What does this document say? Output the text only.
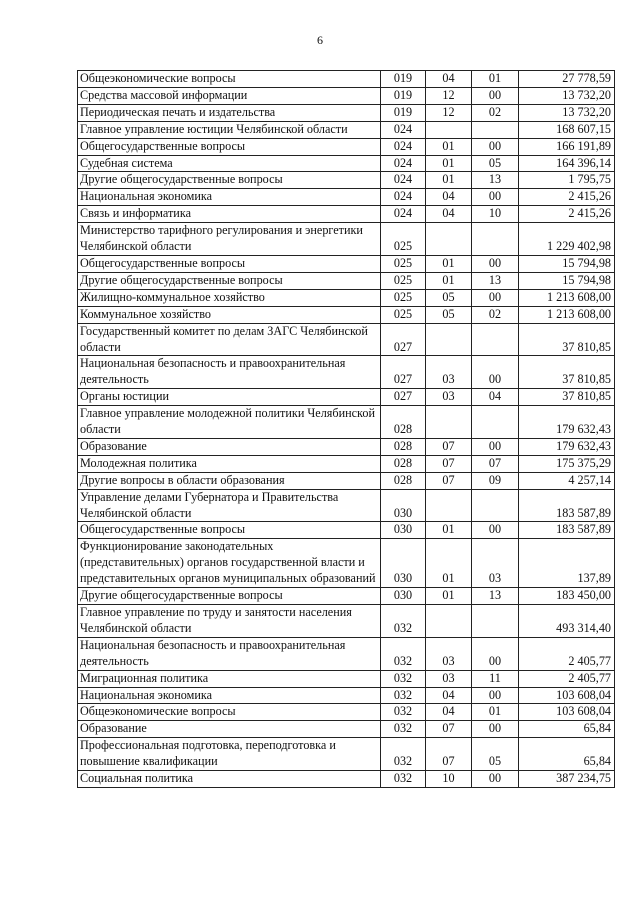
6
Общеэкономические вопросы	019	04	01	27 778,59
Средства массовой информации	019	12	00	13 732,20
Периодическая печать и издательства	019	12	02	13 732,20
Главное управление юстиции Челябинской области	024			168 607,15
Общегосударственные вопросы	024	01	00	166 191,89
Судебная система	024	01	05	164 396,14
Другие общегосударственные вопросы	024	01	13	1 795,75
Национальная экономика	024	04	00	2 415,26
Связь и информатика	024	04	10	2 415,26
Министерство тарифного регулирования и энергетики Челябинской области	025			1 229 402,98
Общегосударственные вопросы	025	01	00	15 794,98
Другие общегосударственные вопросы	025	01	13	15 794,98
Жилищно-коммунальное хозяйство	025	05	00	1 213 608,00
Коммунальное хозяйство	025	05	02	1 213 608,00
Государственный комитет по делам ЗАГС Челябинской области	027			37 810,85
Национальная безопасность и правоохранительная деятельность	027	03	00	37 810,85
Органы юстиции	027	03	04	37 810,85
Главное управление молодежной политики Челябинской области	028			179 632,43
Образование	028	07	00	179 632,43
Молодежная политика	028	07	07	175 375,29
Другие вопросы в области образования	028	07	09	4 257,14
Управление делами Губернатора и Правительства Челябинской области	030			183 587,89
Общегосударственные вопросы	030	01	00	183 587,89
Функционирование законодательных (представительных) органов государственной власти и представительных органов муниципальных образований	030	01	03	137,89
Другие общегосударственные вопросы	030	01	13	183 450,00
Главное управление по труду и занятости населения Челябинской области	032			493 314,40
Национальная безопасность и правоохранительная деятельность	032	03	00	2 405,77
Миграционная политика	032	03	11	2 405,77
Национальная экономика	032	04	00	103 608,04
Общеэкономические вопросы	032	04	01	103 608,04
Образование	032	07	00	65,84
Профессиональная подготовка, переподготовка и повышение квалификации	032	07	05	65,84
Социальная политика	032	10	00	387 234,75
